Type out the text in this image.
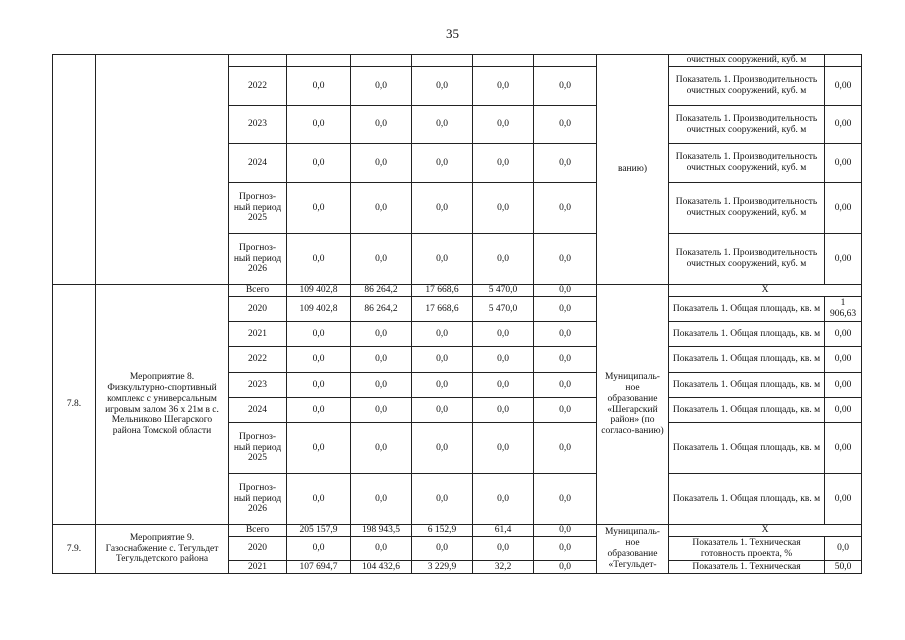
35
								ванию)	очистных сооружений, куб. м	
		2022	0,0	0,0	0,0	0,0	0,0		Показатель 1. Производительность очистных сооружений, куб. м	0,00
		2023	0,0	0,0	0,0	0,0	0,0		Показатель 1. Производительность очистных сооружений, куб. м	0,00
		2024	0,0	0,0	0,0	0,0	0,0		Показатель 1. Производительность очистных сооружений, куб. м	0,00
		Прогноз-ный период 2025	0,0	0,0	0,0	0,0	0,0		Показатель 1. Производительность очистных сооружений, куб. м	0,00
		Прогноз-ный период 2026	0,0	0,0	0,0	0,0	0,0		Показатель 1. Производительность очистных сооружений, куб. м	0,00
7.8.	Мероприятие 8. Физкультурно-спортивный комплекс с универсальным игровым залом 36 х 21м в с. Мельниково Шегарского района Томской области	Всего	109 402,8	86 264,2	17 668,6	5 470,0	0,0	Муниципаль-ное образование «Шегарский район» (по согласо-ванию)	Х	
		2020	109 402,8	86 264,2	17 668,6	5 470,0	0,0		Показатель 1. Общая площадь, кв. м	1 906,63
		2021	0,0	0,0	0,0	0,0	0,0		Показатель 1. Общая площадь, кв. м	0,00
		2022	0,0	0,0	0,0	0,0	0,0		Показатель 1. Общая площадь, кв. м	0,00
		2023	0,0	0,0	0,0	0,0	0,0		Показатель 1. Общая площадь, кв. м	0,00
		2024	0,0	0,0	0,0	0,0	0,0		Показатель 1. Общая площадь, кв. м	0,00
		Прогноз-ный период 2025	0,0	0,0	0,0	0,0	0,0		Показатель 1. Общая площадь, кв. м	0,00
		Прогноз-ный период 2026	0,0	0,0	0,0	0,0	0,0		Показатель 1. Общая площадь, кв. м	0,00
7.9.	Мероприятие 9. Газоснабжение с. Тегульдет Тегульдетского района	Всего	205 157,9	198 943,5	6 152,9	61,4	0,0	Муниципаль-ное образование «Тегульдет-	Х	
		2020	0,0	0,0	0,0	0,0	0,0		Показатель 1. Техническая готовность проекта, %	0,0
		2021	107 694,7	104 432,6	3 229,9	32,2	0,0		Показатель 1. Техническая	50,0
